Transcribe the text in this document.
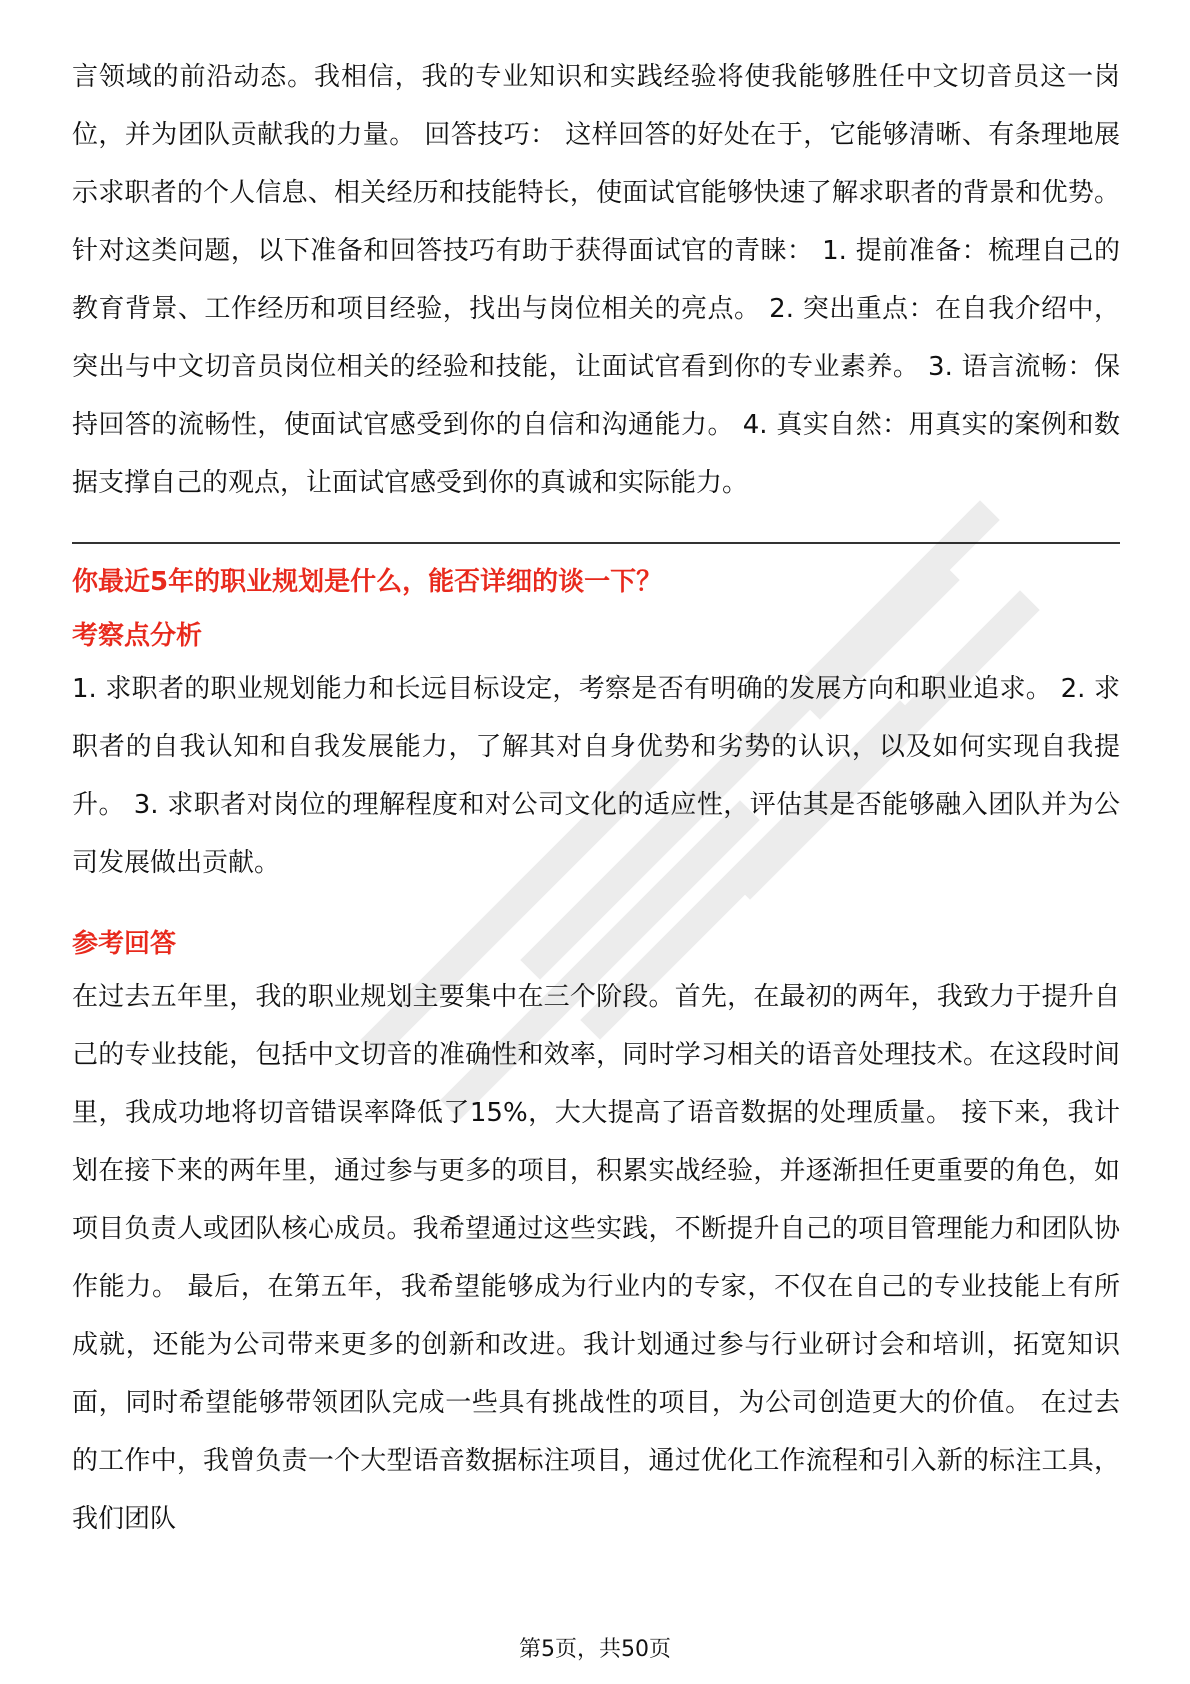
言领域的前沿动态。我相信，我的专业知识和实践经验将使我能够胜任中文切音员这一岗位，并为团队贡献我的力量。 回答技巧： 这样回答的好处在于，它能够清晰、有条理地展示求职者的个人信息、相关经历和技能特长，使面试官能够快速了解求职者的背景和优势。针对这类问题，以下准备和回答技巧有助于获得面试官的青睐： 1. 提前准备：梳理自己的教育背景、工作经历和项目经验，找出与岗位相关的亮点。 2. 突出重点：在自我介绍中，突出与中文切音员岗位相关的经验和技能，让面试官看到你的专业素养。 3. 语言流畅：保持回答的流畅性，使面试官感受到你的自信和沟通能力。 4. 真实自然：用真实的案例和数据支撑自己的观点，让面试官感受到你的真诚和实际能力。

你最近5年的职业规划是什么，能否详细的谈一下？

考察点分析

1. 求职者的职业规划能力和长远目标设定，考察是否有明确的发展方向和职业追求。 2. 求职者的自我认知和自我发展能力，了解其对自身优势和劣势的认识，以及如何实现自我提升。 3. 求职者对岗位的理解程度和对公司文化的适应性，评估其是否能够融入团队并为公司发展做出贡献。

参考回答

在过去五年里，我的职业规划主要集中在三个阶段。首先，在最初的两年，我致力于提升自己的专业技能，包括中文切音的准确性和效率，同时学习相关的语音处理技术。在这段时间里，我成功地将切音错误率降低了15%，大大提高了语音数据的处理质量。 接下来，我计划在接下来的两年里，通过参与更多的项目，积累实战经验，并逐渐担任更重要的角色，如项目负责人或团队核心成员。我希望通过这些实践，不断提升自己的项目管理能力和团队协作能力。 最后，在第五年，我希望能够成为行业内的专家，不仅在自己的专业技能上有所成就，还能为公司带来更多的创新和改进。我计划通过参与行业研讨会和培训，拓宽知识面，同时希望能够带领团队完成一些具有挑战性的项目，为公司创造更大的价值。 在过去的工作中，我曾负责一个大型语音数据标注项目，通过优化工作流程和引入新的标注工具，我们团队

第5页，共50页
